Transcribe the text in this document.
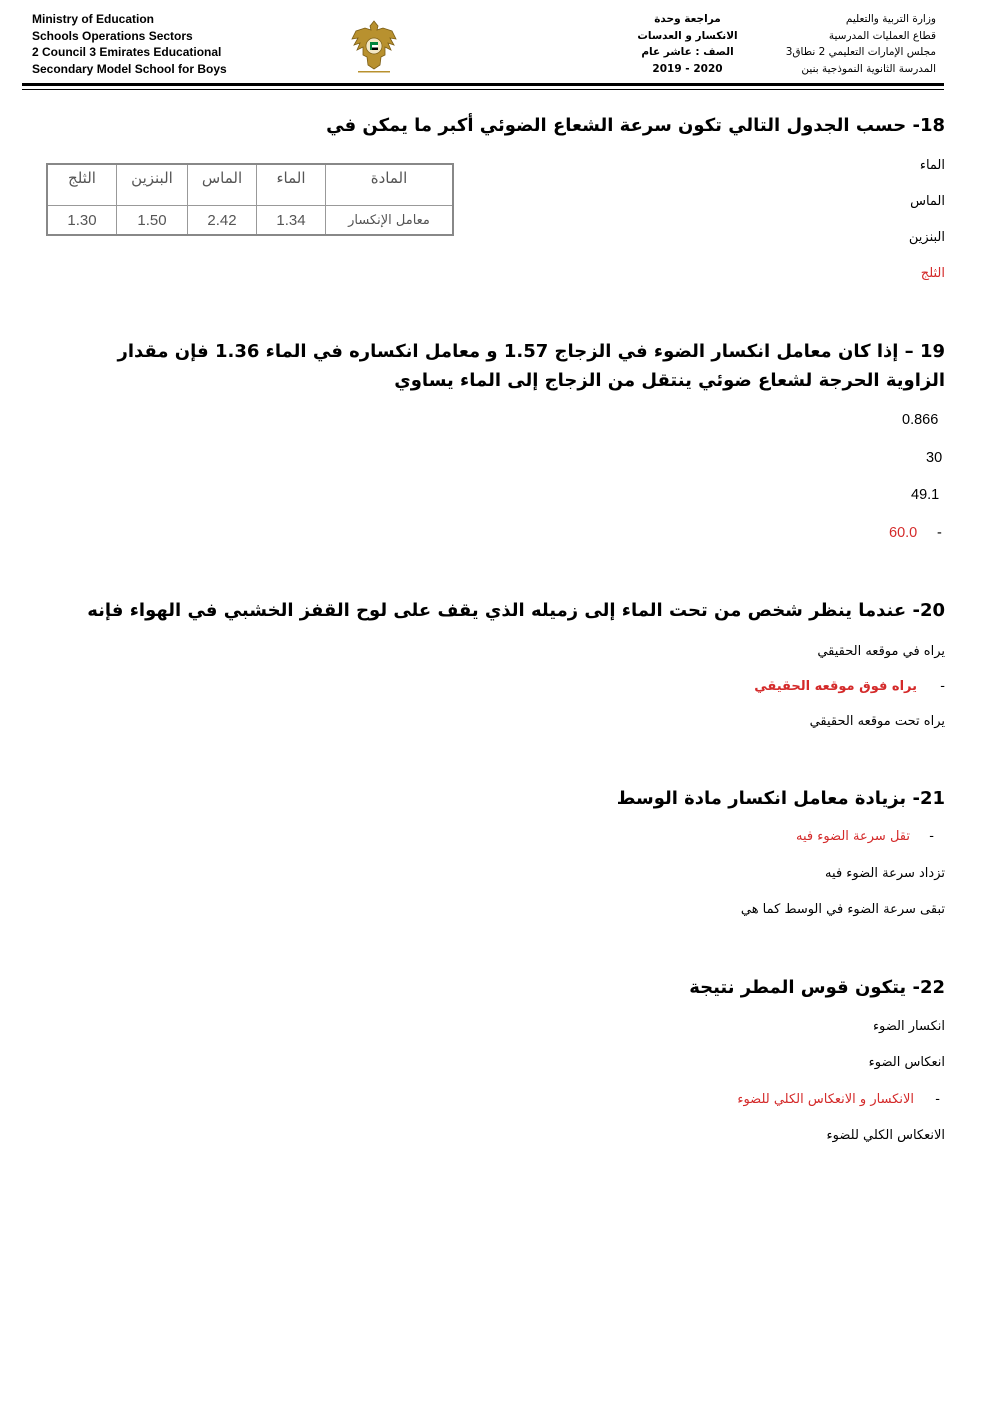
Ministry of Education
Schools Operations Sectors
2 Council 3 Emirates Educational
Secondary Model School for Boys
مراجعة وحدة
الانكسار و العدسات
الصف : عاشر عام
2020 - 2019
وزارة التربية والتعليم
قطاع العمليات المدرسية
مجلس الإمارات التعليمي 2 نطاق3
المدرسة الثانوية النموذجية بنين
18- حسب الجدول التالي تكون سرعة الشعاع الضوئي أكبر ما يمكن في
الثلج	البنزين	الماس	الماء	المادة
1.30	1.50	2.42	1.34	معامل الإنكسار
الماء
الماس
البنزين
الثلج
19 – إذا كان معامل انكسار الضوء في الزجاج 1.57 و معامل انكساره في الماء 1.36 فإن مقدار الزاوية الحرجة لشعاع ضوئي ينتقل من الزجاج إلى الماء يساوي
0.866
30
49.1
60.0 -
20- عندما ينظر شخص من تحت الماء إلى زميله الذي يقف على لوح القفز الخشبي في الهواء فإنه
يراه في موقعه الحقيقي
يراه فوق موقعه الحقيقي -
يراه تحت موقعه الحقيقي
21- بزيادة معامل انكسار مادة الوسط
تقل سرعة الضوء فيه -
تزداد سرعة الضوء فيه
تبقى سرعة الضوء في الوسط كما هي
22- يتكون قوس المطر نتيجة
انكسار الضوء
انعكاس الضوء
الانكسار و الانعكاس الكلي للضوء -
الانعكاس الكلي للضوء
